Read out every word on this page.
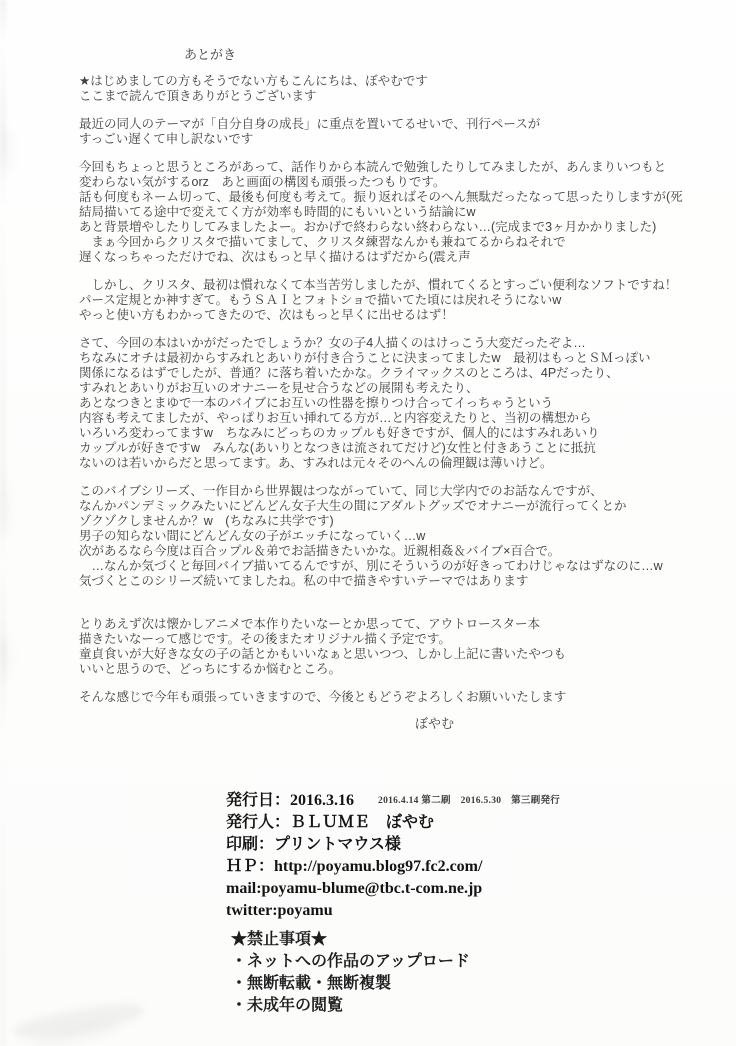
あとがき
★はじめましての方もそうでない方もこんにちは、ぼやむです
ここまで読んで頂きありがとうございます
最近の同人のテーマが「自分自身の成長」に重点を置いてるせいで、刊行ペースが
すっごい遅くて申し訳ないです
今回もちょっと思うところがあって、話作りから本読んで勉強したりしてみましたが、あんまりいつもと
変わらない気がするorz　あと画面の構図も頑張ったつもりです。
話も何度もネーム切って、最後も何度も考えて。振り返ればそのへん無駄だったなって思ったりしますが(死
結局描いてる途中で変えてく方が効率も時間的にもいいという結論にw
あと背景増やしたりしてみましたよー。おかげで終わらない終わらない…(完成まで3ヶ月かかりました)
　まぁ今回からクリスタで描いてまして、クリスタ練習なんかも兼ねてるからねそれで
遅くなっちゃっただけでね、次はもっと早く描けるはずだから(震え声
　しかし、クリスタ、最初は慣れなくて本当苦労しましたが、慣れてくるとすっごい便利なソフトですね！
パース定規とか神すぎて。もうＳＡＩとフォトショで描いてた頃には戻れそうにないw
やっと使い方もわかってきたので、次はもっと早くに出せるはず！
さて、今回の本はいかがだったでしょうか？女の子4人描くのはけっこう大変だったぞよ…
ちなみにオチは最初からすみれとあいりが付き合うことに決まってましたw　最初はもっとＳＭっぽい
関係になるはずでしたが、普通？に落ち着いたかな。クライマックスのところは、4Pだったり、
すみれとあいりがお互いのオナニーを見せ合うなどの展開も考えたり、
あとなつきとまゆで一本のバイブにお互いの性器を擦りつけ合ってイっちゃうという
内容も考えてましたが、やっぱりお互い挿れてる方が…と内容変えたりと、当初の構想から
いろいろ変わってますw　ちなみにどっちのカップルも好きですが、個人的にはすみれあいり
カップルが好きですw　みんな(あいりとなつきは流されてだけど)女性と付きあうことに抵抗
ないのは若いからだと思ってます。あ、すみれは元々そのへんの倫理観は薄いけど。
このバイブシリーズ、一作目から世界観はつながっていて、同じ大学内でのお話なんですが、
なんかパンデミックみたいにどんどん女子大生の間にアダルトグッズでオナニーが流行ってくとか
ゾクゾクしませんか？w　(ちなみに共学です)
男子の知らない間にどんどん女の子がエッチになっていく…w
次があるなら今度は百合ップル＆弟でお話描きたいかな。近親相姦＆バイブ×百合で。
　…なんか気づくと毎回バイブ描いてるんですが、別にそういうのが好きってわけじゃなはずなのに…w
気づくとこのシリーズ続いてましたね。私の中で描きやすいテーマではあります
とりあえず次は懐かしアニメで本作りたいなーとか思ってて、アウトロースター本
描きたいなーって感じです。その後またオリジナル描く予定です。
童貞食いが大好きな女の子の話とかもいいなぁと思いつつ、しかし上記に書いたやつも
いいと思うので、どっちにするか悩むところ。
そんな感じで今年も頑張っていきますので、今後ともどうぞよろしくお願いいたします
ぼやむ
発行日：2016.3.16	2016.4.14 第二刷　2016.5.30　第三刷発行
発行人：ＢＬＵＭＥ　ぼやむ
印刷：プリントマウス様
ＨＰ：http://poyamu.blog97.fc2.com/
mail:poyamu-blume@tbc.t-com.ne.jp
twitter:poyamu
★禁止事項★
・ネットへの作品のアップロード
・無断転載・無断複製
・未成年の閲覧
